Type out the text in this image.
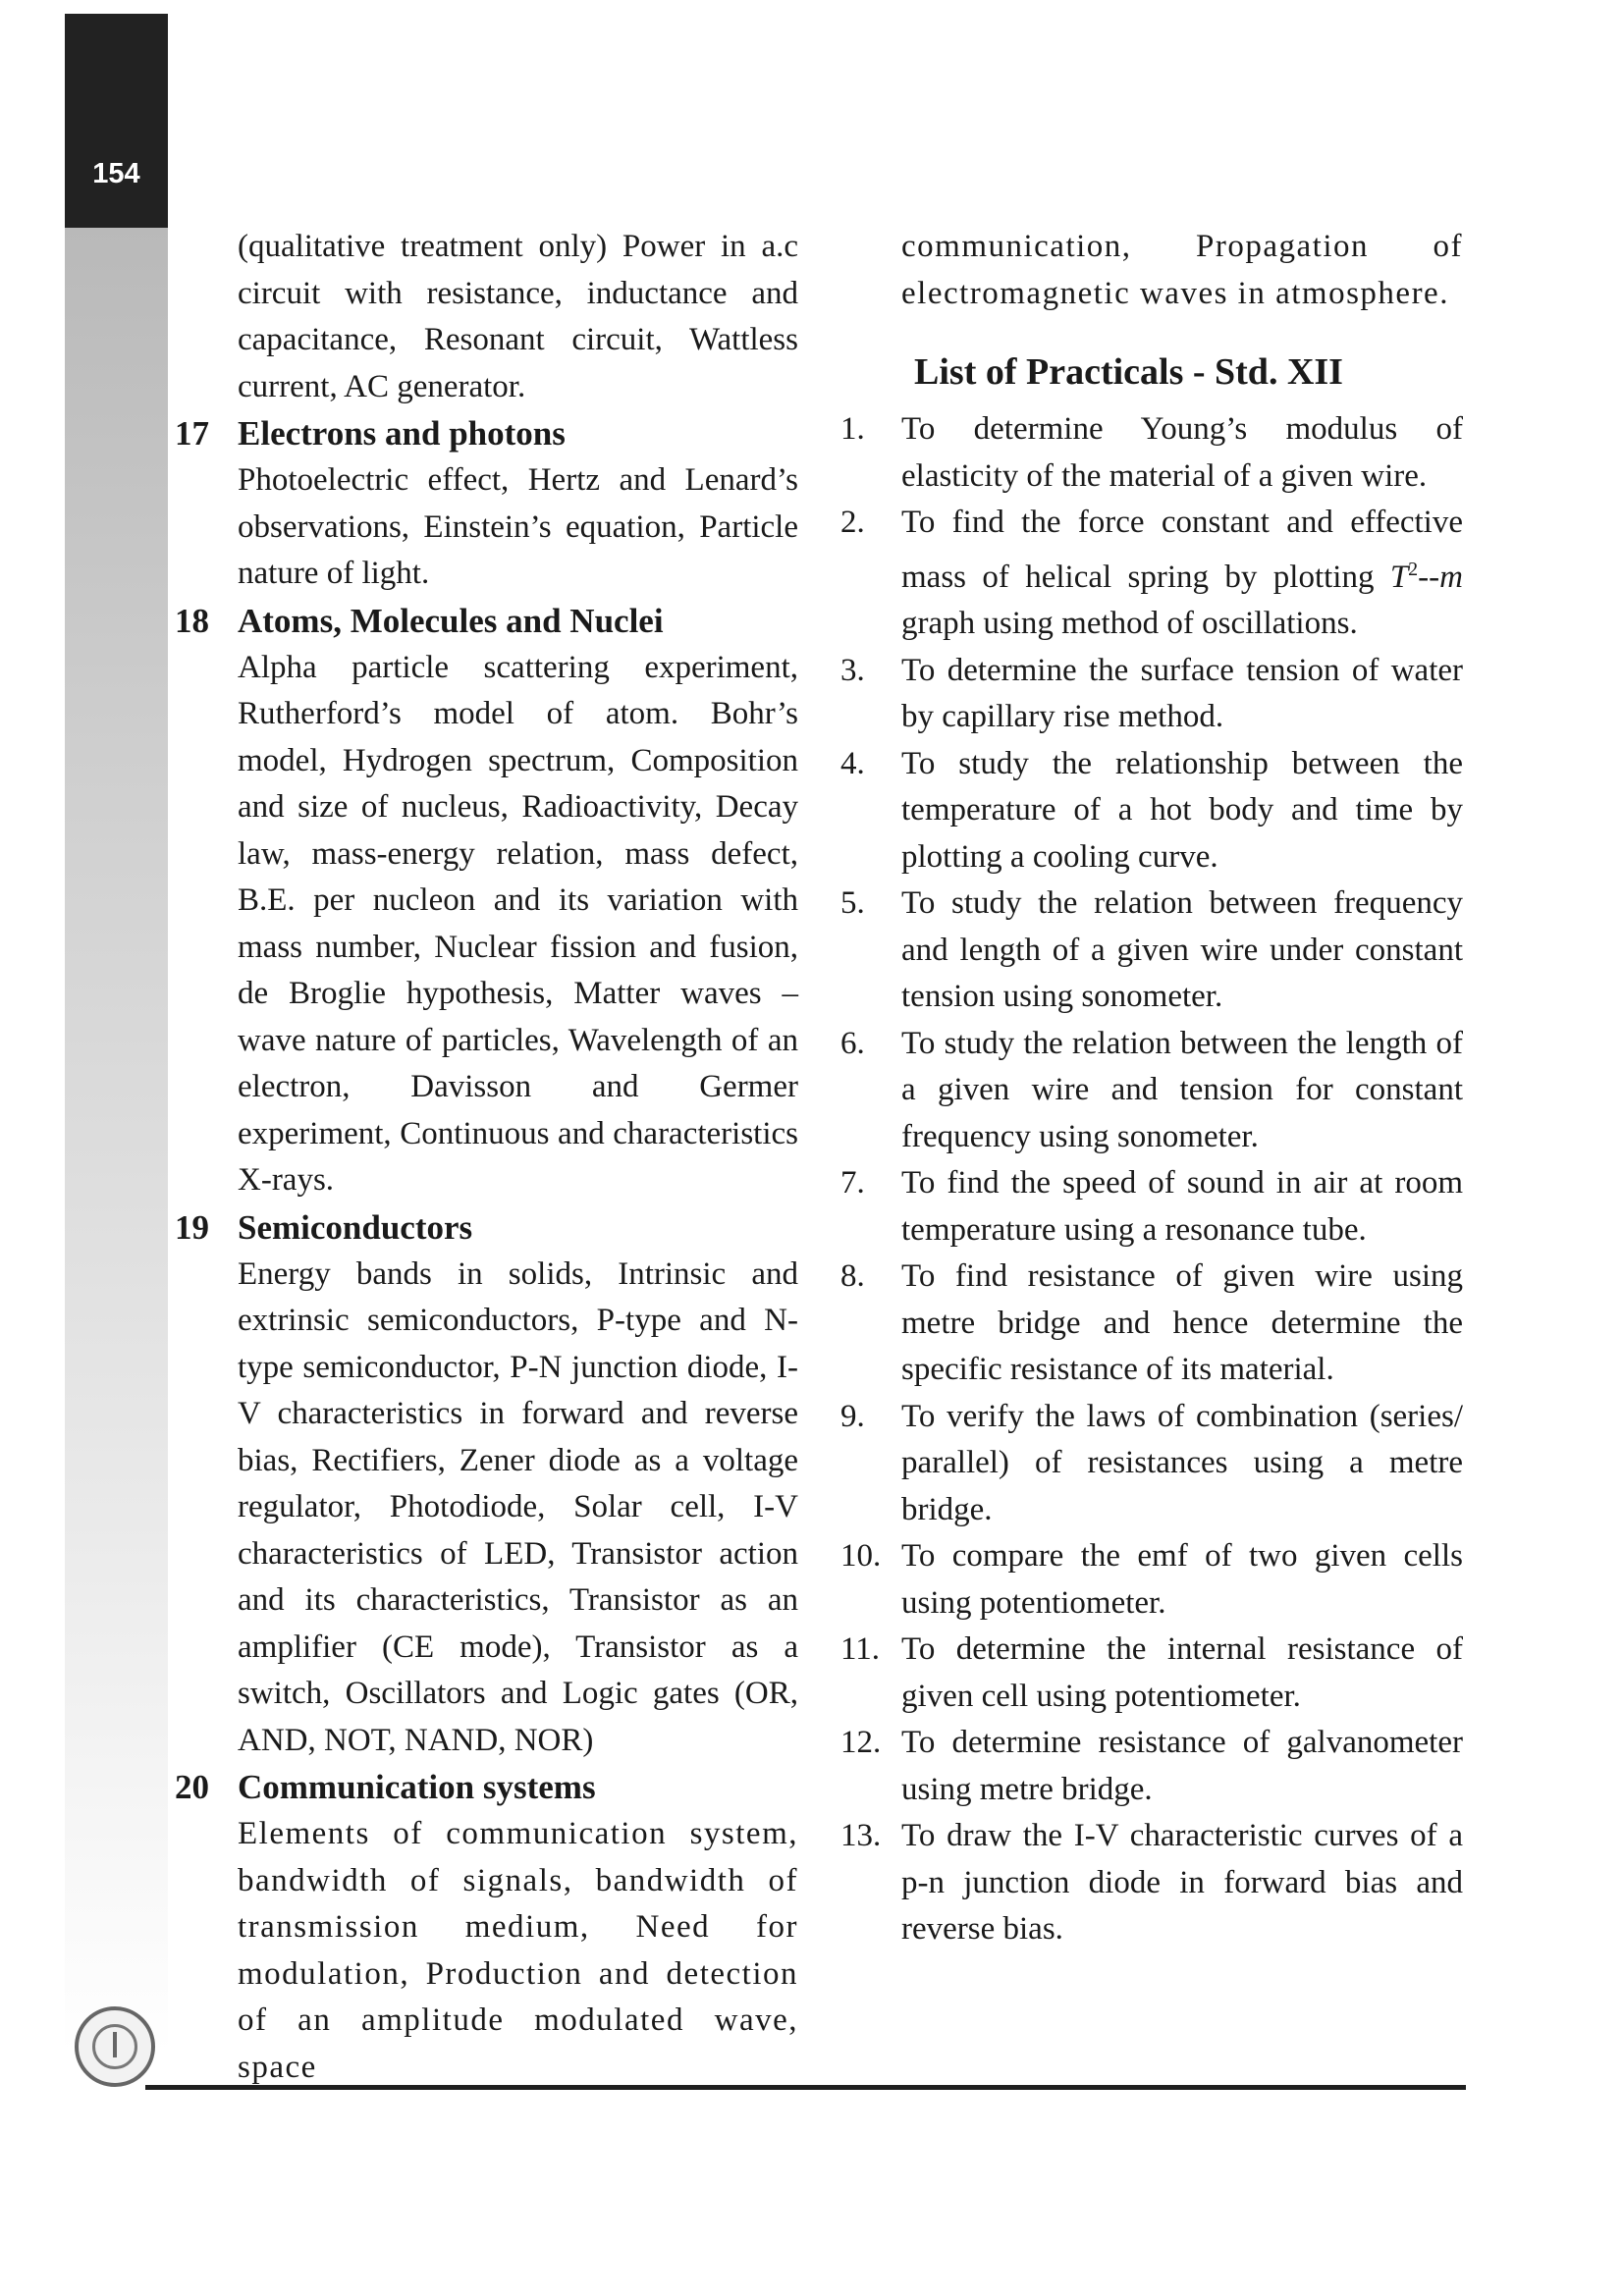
154
(qualitative treatment only) Power in a.c circuit with resistance, inductance and capacitance, Resonant circuit, Wattless current, AC generator.
17 Electrons and photons
Photoelectric effect, Hertz and Lenard’s observations, Einstein’s equation, Particle nature of light.
18 Atoms, Molecules and Nuclei
Alpha particle scattering experiment, Rutherford’s model of atom. Bohr’s model, Hydrogen spectrum, Composition and size of nucleus, Radioactivity, Decay law, mass-energy relation, mass defect, B.E. per nucleon and its variation with mass number, Nuclear fission and fusion, de Broglie hypothesis, Matter waves – wave nature of particles, Wavelength of an electron, Davisson and Germer experiment, Continuous and characteristics X-rays.
19 Semiconductors
Energy bands in solids, Intrinsic and extrinsic semiconductors, P-type and N-type semiconductor, P-N junction diode, I-V characteristics in forward and reverse bias, Rectifiers, Zener diode as a voltage regulator, Photodiode, Solar cell, I-V characteristics of LED, Transistor action and its characteristics, Transistor as an amplifier (CE mode), Transistor as a switch, Oscillators and Logic gates (OR, AND, NOT, NAND, NOR)
20 Communication systems
Elements of communication system, bandwidth of signals, bandwidth of transmission medium, Need for modulation, Production and detection of an amplitude modulated wave, space
communication, Propagation of electromagnetic waves in atmosphere.
List of Practicals - Std. XII
1.	To determine Young’s modulus of elasticity of the material of a given wire.
2.	To find the force constant and effective mass of helical spring by plotting $T^2--m$ graph using method of oscillations.
3.	To determine the surface tension of water by capillary rise method.
4.	To study the relationship between the temperature of a hot body and time by plotting a cooling curve.
5.	To study the relation between frequency and length of a given wire under constant tension using sonometer.
6.	To study the relation between the length of a given wire and tension for constant frequency using sonometer.
7.	To find the speed of sound in air at room temperature using a resonance tube.
8.	To find resistance of given wire using metre bridge and hence determine the specific resistance of its material.
9.	To verify the laws of combination (series/ parallel) of resistances using a metre bridge.
10. To compare the emf of two given cells using potentiometer.
11. To determine the internal resistance of given cell using potentiometer.
12. To determine resistance of galvanometer using metre bridge.
13. To draw the I-V characteristic curves of a p-n junction diode in forward bias and reverse bias.
